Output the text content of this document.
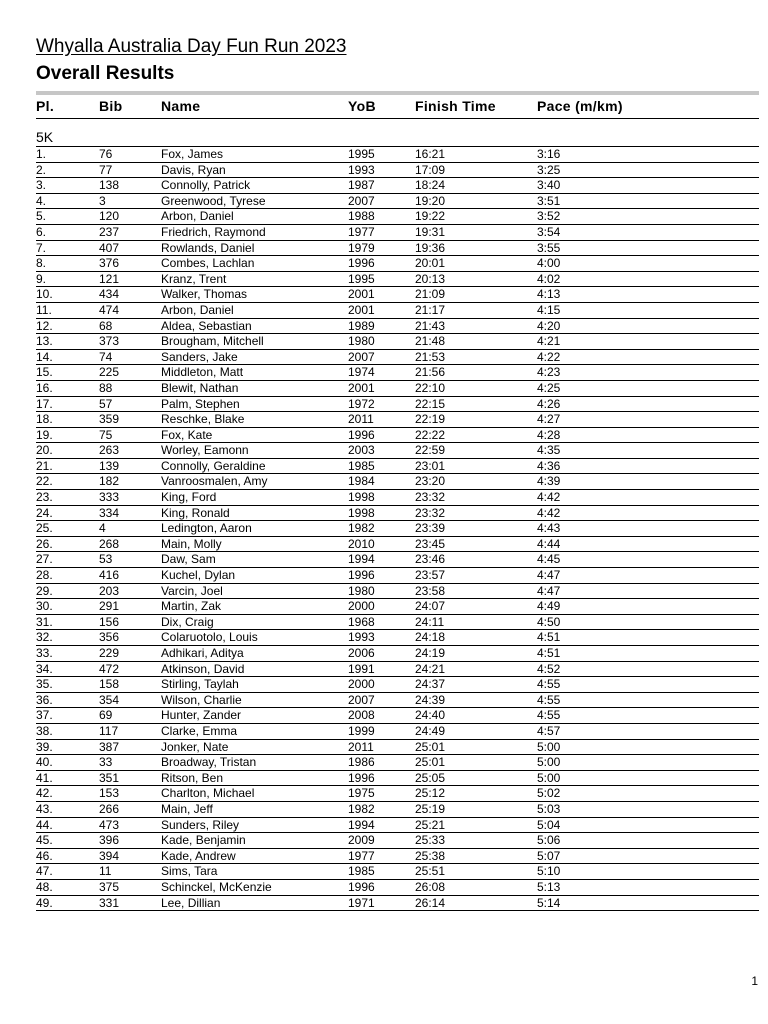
Whyalla Australia Day Fun Run 2023
Overall Results
Pl.	Bib	Name	YoB	Finish Time	Pace (m/km)
5K
1.	76	Fox, James	1995	16:21	3:16
2.	77	Davis, Ryan	1993	17:09	3:25
3.	138	Connolly, Patrick	1987	18:24	3:40
4.	3	Greenwood, Tyrese	2007	19:20	3:51
5.	120	Arbon, Daniel	1988	19:22	3:52
6.	237	Friedrich, Raymond	1977	19:31	3:54
7.	407	Rowlands, Daniel	1979	19:36	3:55
8.	376	Combes, Lachlan	1996	20:01	4:00
9.	121	Kranz, Trent	1995	20:13	4:02
10.	434	Walker, Thomas	2001	21:09	4:13
11.	474	Arbon, Daniel	2001	21:17	4:15
12.	68	Aldea, Sebastian	1989	21:43	4:20
13.	373	Brougham, Mitchell	1980	21:48	4:21
14.	74	Sanders, Jake	2007	21:53	4:22
15.	225	Middleton, Matt	1974	21:56	4:23
16.	88	Blewit, Nathan	2001	22:10	4:25
17.	57	Palm, Stephen	1972	22:15	4:26
18.	359	Reschke, Blake	2011	22:19	4:27
19.	75	Fox, Kate	1996	22:22	4:28
20.	263	Worley, Eamonn	2003	22:59	4:35
21.	139	Connolly, Geraldine	1985	23:01	4:36
22.	182	Vanroosmalen, Amy	1984	23:20	4:39
23.	333	King, Ford	1998	23:32	4:42
24.	334	King, Ronald	1998	23:32	4:42
25.	4	Ledington, Aaron	1982	23:39	4:43
26.	268	Main, Molly	2010	23:45	4:44
27.	53	Daw, Sam	1994	23:46	4:45
28.	416	Kuchel, Dylan	1996	23:57	4:47
29.	203	Varcin, Joel	1980	23:58	4:47
30.	291	Martin, Zak	2000	24:07	4:49
31.	156	Dix, Craig	1968	24:11	4:50
32.	356	Colaruotolo, Louis	1993	24:18	4:51
33.	229	Adhikari, Aditya	2006	24:19	4:51
34.	472	Atkinson, David	1991	24:21	4:52
35.	158	Stirling, Taylah	2000	24:37	4:55
36.	354	Wilson, Charlie	2007	24:39	4:55
37.	69	Hunter, Zander	2008	24:40	4:55
38.	117	Clarke, Emma	1999	24:49	4:57
39.	387	Jonker, Nate	2011	25:01	5:00
40.	33	Broadway, Tristan	1986	25:01	5:00
41.	351	Ritson, Ben	1996	25:05	5:00
42.	153	Charlton, Michael	1975	25:12	5:02
43.	266	Main, Jeff	1982	25:19	5:03
44.	473	Sunders, Riley	1994	25:21	5:04
45.	396	Kade, Benjamin	2009	25:33	5:06
46.	394	Kade, Andrew	1977	25:38	5:07
47.	11	Sims, Tara	1985	25:51	5:10
48.	375	Schinckel, McKenzie	1996	26:08	5:13
49.	331	Lee, Dillian	1971	26:14	5:14
1
